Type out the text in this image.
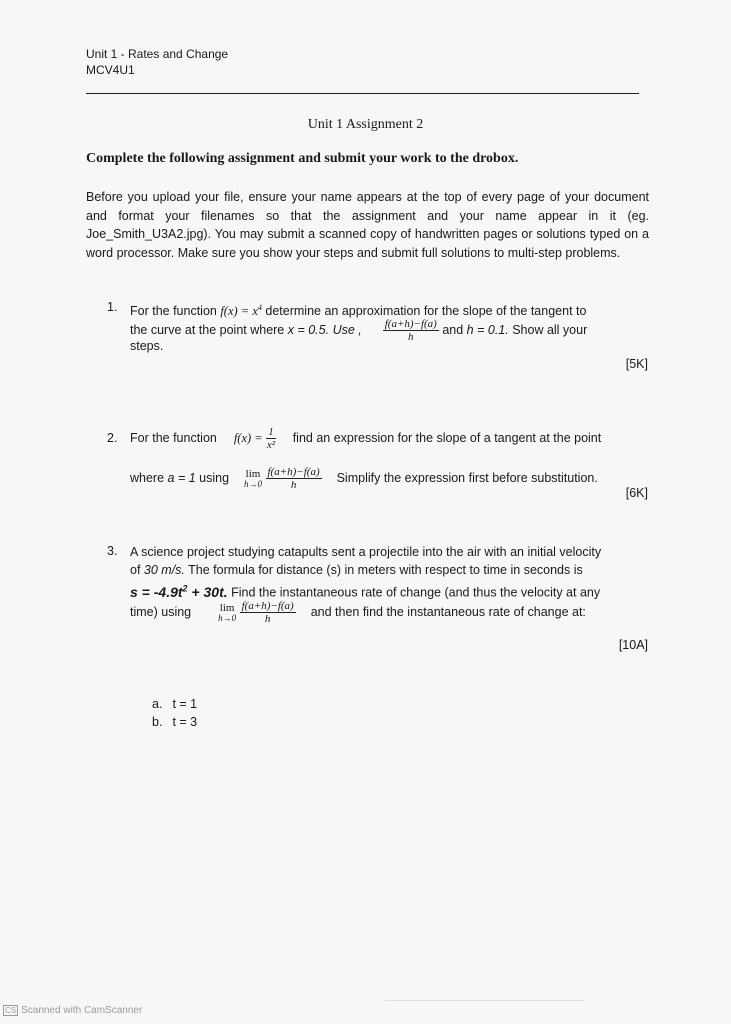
Unit 1 - Rates and Change
MCV4U1
Unit 1 Assignment 2
Complete the following assignment and submit your work to the drobox.
Before you upload your file, ensure your name appears at the top of every page of your document and format your filenames so that the assignment and your name appear in it (eg. Joe_Smith_U3A2.jpg). You may submit a scanned copy of handwritten pages or solutions typed on a word processor. Make sure you show your steps and submit full solutions to multi-step problems.
1. For the function $f(x) = x^4$ determine an approximation for the slope of the tangent to
the curve at the point where x = 0.5. Use , $\frac{f(a+h)-f(a)}{h}$ and h = 0.1. Show all your
steps.
[5K]
2. For the function $f(x) = \frac{1}{\text{x²}}$ find an expression for the slope of a tangent at the point
where a = 1 using lim
h→0
$\frac{f(a+h)-f(a)}{h}$ Simplify the expression first before substitution.
[6K]
3. A science project studying catapults sent a projectile into the air with an initial velocity
of 30 m/s. The formula for distance (s) in meters with respect to time in seconds is
$s = -4.9t^2 + 30t$. Find the instantaneous rate of change (and thus the velocity at any
time) using	lim
h→0
$\frac{f(a+h)-f(a)}{h}$ and then find the instantaneous rate of change at:
[10A]
a. t = 1
b. t = 3
CS Scanned with CamScanner
